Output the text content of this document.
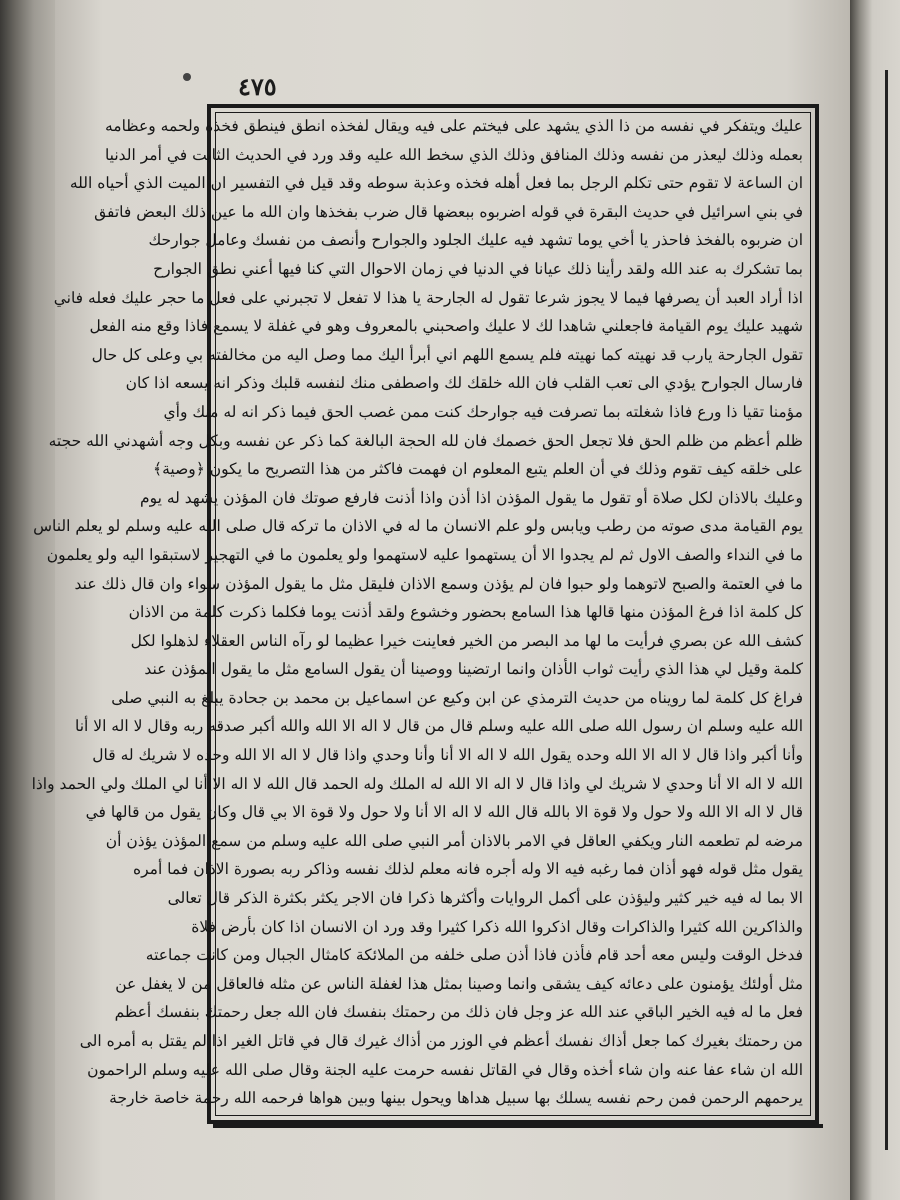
٤٧٥
عليك ويتفكر في نفسه من ذا الذي يشهد على فيختم على فيه ويقال لفخذه انطق فينطق فخذه ولحمه وعظامه
بعمله وذلك ليعذر من نفسه وذلك المنافق وذلك الذي سخط الله عليه وقد ورد في الحديث الثابت في أمر الدنيا
ان الساعة لا تقوم حتى تكلم الرجل بما فعل أهله فخذه وعذبة سوطه وقد قيل في التفسير ان الميت الذي أحياه الله
في بني اسرائيل في حديث البقرة في قوله اضربوه ببعضها قال ضرب بفخذها وان الله ما عين ذلك البعض فاتفق
ان ضربوه بالفخذ فاحذر يا أخي يوما تشهد فيه عليك الجلود والجوارح وأنصف من نفسك وعامل جوارحك
بما تشكرك به عند الله ولقد رأينا ذلك عيانا في الدنيا في زمان الاحوال التي كنا فيها أعني نطق الجوارح
اذا أراد العبد أن يصرفها فيما لا يجوز شرعا تقول له الجارحة يا هذا لا تفعل لا تجبرني على فعل ما حجر عليك فعله فاني
شهيد عليك يوم القيامة فاجعلني شاهدا لك لا عليك واصحبني بالمعروف وهو في غفلة لا يسمع فاذا وقع منه الفعل
تقول الجارحة يارب قد نهيته كما نهيته فلم يسمع اللهم اني أبرأ اليك مما وصل اليه من مخالفته بي وعلى كل حال
فارسال الجوارح يؤدي الى تعب القلب فان الله خلقك لك واصطفى منك لنفسه قلبك وذكر انه يسعه اذا كان
مؤمنا تقيا ذا ورع فاذا شغلته بما تصرفت فيه جوارحك كنت ممن غصب الحق فيما ذكر انه له منك وأي
ظلم أعظم من ظلم الحق فلا تجعل الحق خصمك فان لله الحجة البالغة كما ذكر عن نفسه وبكل وجه أشهدني الله حجته
على خلقه كيف تقوم وذلك في أن العلم يتبع المعلوم ان فهمت فاكثر من هذا التصريح ما يكون ﴿وصية﴾
وعليك بالاذان لكل صلاة أو تقول ما يقول المؤذن اذا أذن واذا أذنت فارفع صوتك فان المؤذن يشهد له يوم
يوم القيامة مدى صوته من رطب ويابس ولو علم الانسان ما له في الاذان ما تركه قال صلى الله عليه وسلم لو يعلم الناس
ما في النداء والصف الاول ثم لم يجدوا الا أن يستهموا عليه لاستهموا ولو يعلمون ما في التهجير لاستبقوا اليه ولو يعلمون
ما في العتمة والصبح لاتوهما ولو حبوا فان لم يؤذن وسمع الاذان فليقل مثل ما يقول المؤذن سواء وان قال ذلك عند
كل كلمة اذا فرغ المؤذن منها قالها هذا السامع بحضور وخشوع ولقد أذنت يوما فكلما ذكرت كلمة من الاذان
كشف الله عن بصري فرأيت ما لها مد البصر من الخير فعاينت خيرا عظيما لو رآه الناس العقلاء لذهلوا لكل
كلمة وقيل لي هذا الذي رأيت ثواب الأذان وانما ارتضينا ووصينا أن يقول السامع مثل ما يقول المؤذن عند
فراغ كل كلمة لما رويناه من حديث الترمذي عن ابن وكيع عن اسماعيل بن محمد بن جحادة يبلغ به النبي صلى
الله عليه وسلم ان رسول الله صلى الله عليه وسلم قال من قال لا اله الا الله والله أكبر صدقه ربه وقال لا اله الا أنا
وأنا أكبر واذا قال لا اله الا الله وحده يقول الله لا اله الا أنا وأنا وحدي واذا قال لا اله الا الله وحده لا شريك له قال
الله لا اله الا أنا وحدي لا شريك لي واذا قال لا اله الا الله له الملك وله الحمد قال الله لا اله الا أنا لي الملك ولي الحمد واذا
قال لا اله الا الله ولا حول ولا قوة الا بالله قال الله لا اله الا أنا ولا حول ولا قوة الا بي قال وكان يقول من قالها في
مرضه لم تطعمه النار ويكفي العاقل في الامر بالاذان أمر النبي صلى الله عليه وسلم من سمع المؤذن يؤذن أن
يقول مثل قوله فهو أذان فما رغبه فيه الا وله أجره فانه معلم لذلك نفسه وذاكر ربه بصورة الاذان فما أمره
الا بما له فيه خير كثير وليؤذن على أكمل الروايات وأكثرها ذكرا فان الاجر يكثر بكثرة الذكر قال تعالى
والذاكرين الله كثيرا والذاكرات وقال اذكروا الله ذكرا كثيرا وقد ورد ان الانسان اذا كان بأرض فلاة
فدخل الوقت وليس معه أحد قام فأذن فاذا أذن صلى خلفه من الملائكة كامثال الجبال ومن كانت جماعته
مثل أولئك يؤمنون على دعائه كيف يشقى وانما وصينا بمثل هذا لغفلة الناس عن مثله فالعاقل من لا يغفل عن
فعل ما له فيه الخير الباقي عند الله عز وجل فان ذلك من رحمتك بنفسك فان الله جعل رحمتك بنفسك أعظم
من رحمتك بغيرك كما جعل أذاك نفسك أعظم في الوزر من أذاك غيرك قال في قاتل الغير اذا لم يقتل به أمره الى
الله ان شاء عفا عنه وان شاء أخذه وقال في القاتل نفسه حرمت عليه الجنة وقال صلى الله عليه وسلم الراحمون
يرحمهم الرحمن فمن رحم نفسه يسلك بها سبيل هداها ويحول بينها وبين هواها فرحمه الله رحمة خاصة خارجة
